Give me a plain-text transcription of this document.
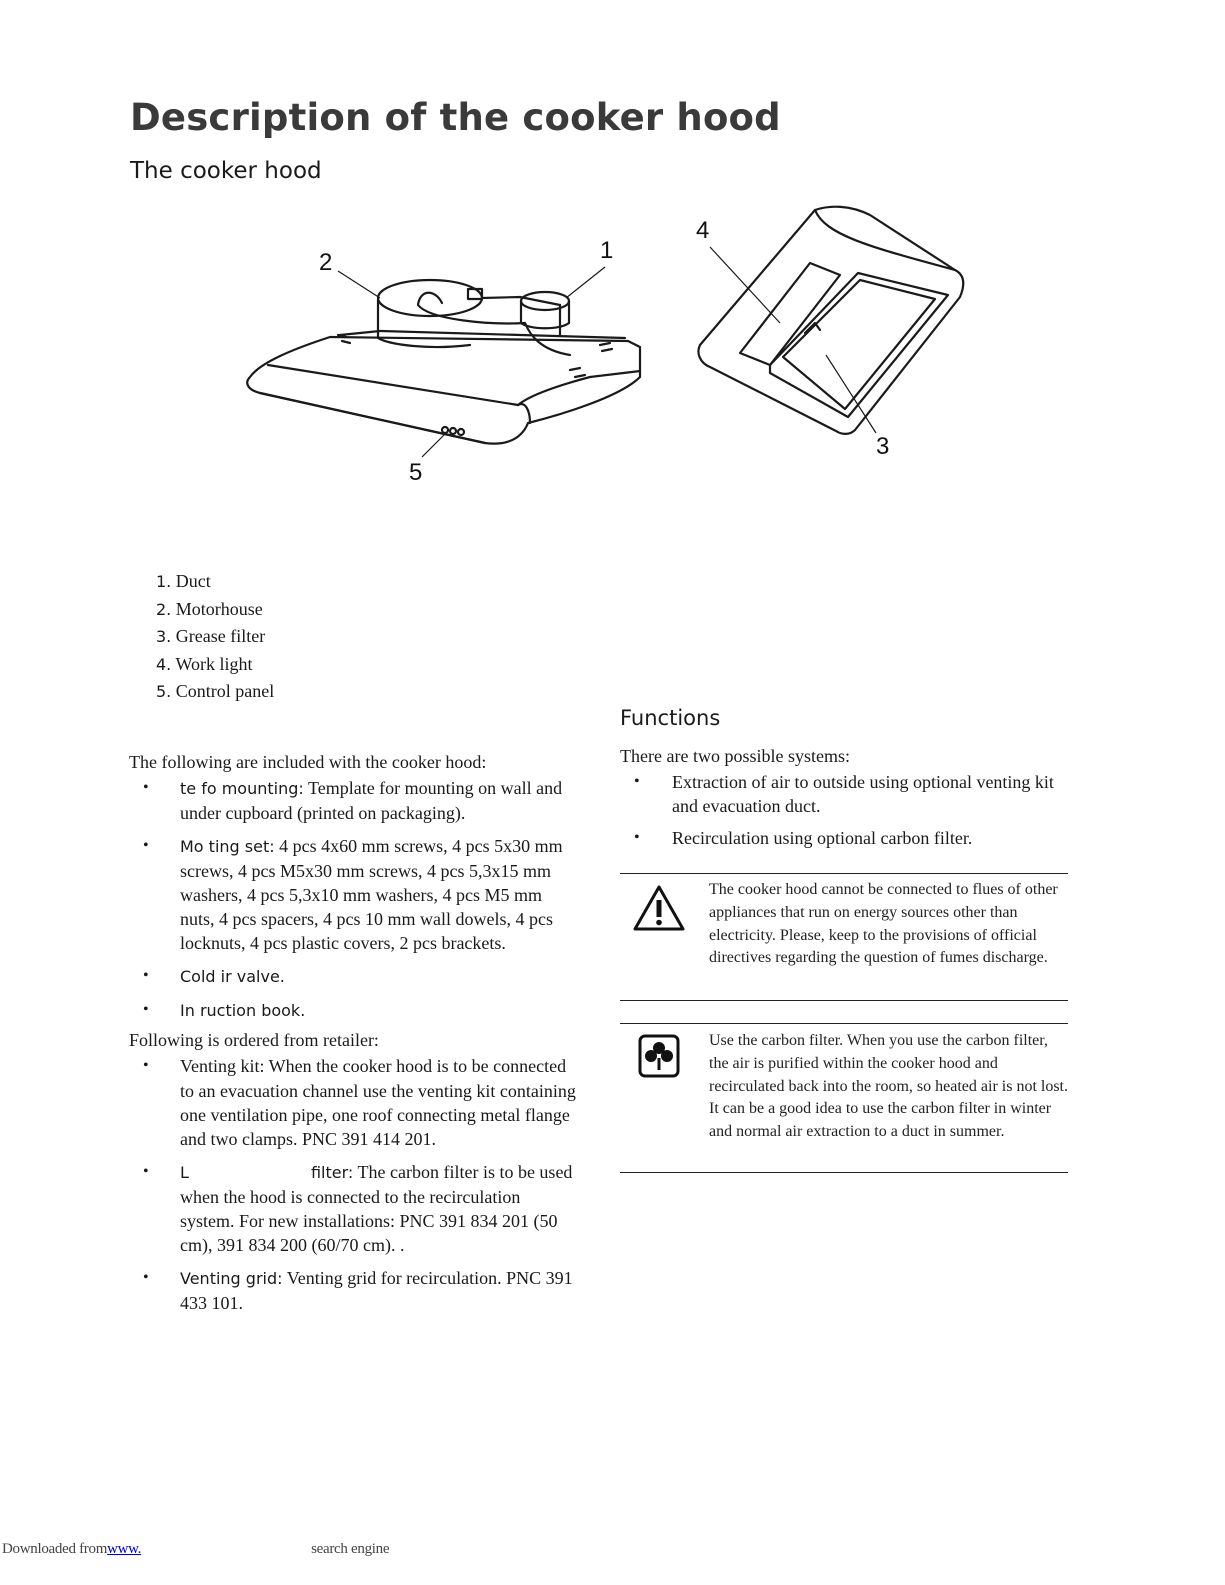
Description of the cooker hood
The cooker hood
1
2
3
4
5
1. Duct
2. Motorhouse
3. Grease filter
4. Work light
5. Control panel

The following are included with the cooker hood:

• te fo mounting: Template for mounting on wall and under cupboard (printed on packaging).
• Mo ting set: 4 pcs 4x60 mm screws, 4 pcs 5x30 mm screws, 4 pcs M5x30 mm screws, 4 pcs 5,3x15 mm washers, 4 pcs 5,3x10 mm washers, 4 pcs M5 mm nuts, 4 pcs spacers, 4 pcs 10 mm wall dowels, 4 pcs locknuts, 4 pcs plastic covers, 2 pcs brackets.
• Cold ir valve.
• In ruction book.

Following is ordered from retailer:

• Venting kit: When the cooker hood is to be connected to an evacuation channel use the venting kit containing one ventilation pipe, one roof connecting metal flange and two clamps. PNC 391 414 201.
• L                        filter: The carbon filter is to be used when the hood is connected to the recirculation system. For new installations: PNC 391 834 201 (50 cm), 391 834 200 (60/70 cm). .
• Venting grid: Venting grid for recirculation. PNC 391 433 101.
Functions

There are two possible systems:

• Extraction of air to outside using optional venting kit and evacuation duct.
• Recirculation using optional carbon filter.
The cooker hood cannot be connected to flues of other appliances that run on energy sources other than electricity. Please, keep to the provisions of official directives regarding the question of fumes discharge.
Use the carbon filter. When you use the carbon filter, the air is purified within the cooker hood and recirculated back into the room, so heated air is not lost. It can be a good idea to use the carbon filter in winter and normal air extraction to a duct in summer.
Downloaded fromwww.	search engine
